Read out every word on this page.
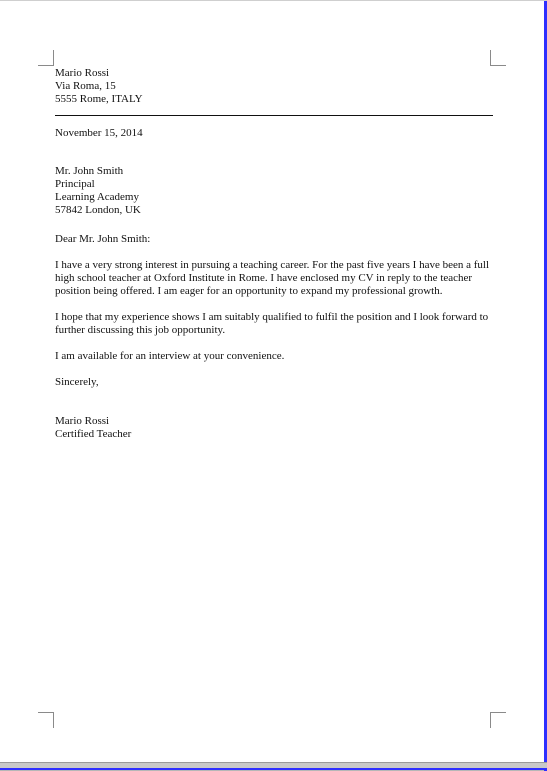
Mario Rossi
Via Roma, 15
5555 Rome, ITALY
November 15, 2014
Mr. John Smith
Principal
Learning Academy
57842 London, UK
Dear Mr. John Smith:
I have a very strong interest in pursuing a teaching career. For the past five years I have been a full high school teacher at Oxford Institute in Rome. I have enclosed my CV in reply to the teacher position being offered. I am eager for an opportunity to expand my professional growth.
I hope that my experience shows I am suitably qualified to fulfil the position and I look forward to further discussing this job opportunity.
I am available for an interview at your convenience.
Sincerely,
Mario Rossi
Certified Teacher
